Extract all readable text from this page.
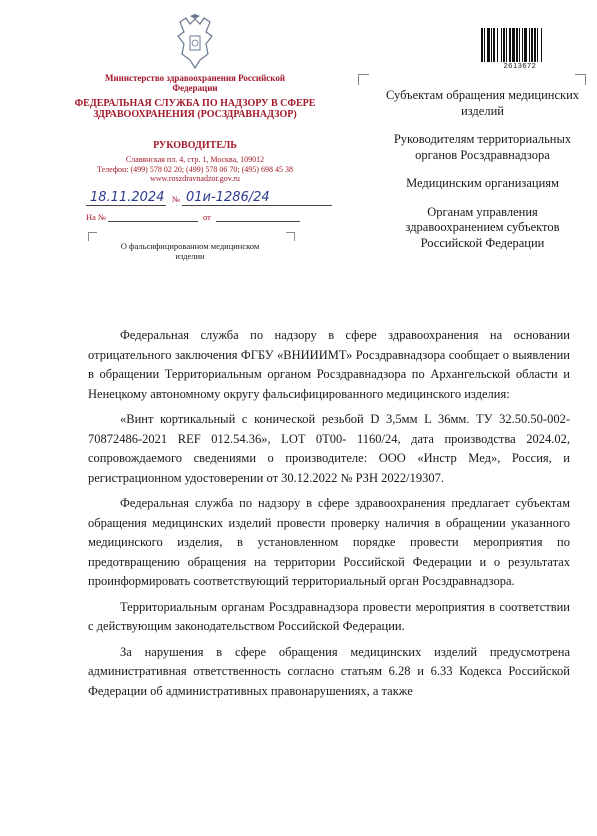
2613672
Министерство здравоохранения Российской Федерации
ФЕДЕРАЛЬНАЯ СЛУЖБА ПО НАДЗОРУ В СФЕРЕ ЗДРАВООХРАНЕНИЯ (РОСЗДРАВНАДЗОР)
РУКОВОДИТЕЛЬ
Славянская пл. 4, стр. 1, Москва, 109012
Телефон: (499) 578 02 20; (499) 578 06 70; (495) 698 45 38
www.roszdravnadzor.gov.ru
18.11.2024 № 01и-1286/24
На №	от
О фальсифицированном медицинском изделии

Субъектам обращения медицинских изделий

Руководителям территориальных органов Росздравнадзора

Медицинским организациям

Органам управления здравоохранением субъектов Российской Федерации

Федеральная служба по надзору в сфере здравоохранения на основании отрицательного заключения ФГБУ «ВНИИИМТ» Росздравнадзора сообщает о выявлении в обращении Территориальным органом Росздравнадзора по Архангельской области и Ненецкому автономному округу фальсифицированного медицинского изделия:

«Винт кортикальный с конической резьбой D 3,5мм L 36мм. ТУ 32.50.50-002-70872486-2021 REF 012.54.36», LOT 0Т00- 1160/24, дата производства 2024.02, сопровождаемого сведениями о производителе: ООО «Инстр Мед», Россия, и регистрационном удостоверении от 30.12.2022 № РЗН 2022/19307.

Федеральная служба по надзору в сфере здравоохранения предлагает субъектам обращения медицинских изделий провести проверку наличия в обращении указанного медицинского изделия, в установленном порядке провести мероприятия по предотвращению обращения на территории Российской Федерации и о результатах проинформировать соответствующий территориальный орган Росздравнадзора.

Территориальным органам Росздравнадзора провести мероприятия в соответствии с действующим законодательством Российской Федерации.

За нарушения в сфере обращения медицинских изделий предусмотрена административная ответственность согласно статьям 6.28 и 6.33 Кодекса Российской Федерации об административных правонарушениях, а также
